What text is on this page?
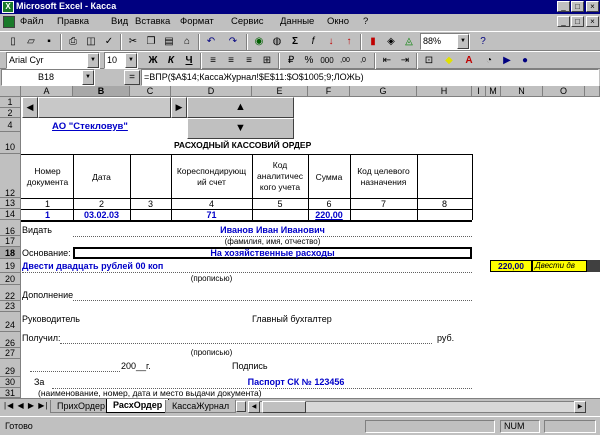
X Microsoft Excel - Касса	_	□	×
Файл Правка Вид Вставка Формат Сервис Данные Окно ?	_	□	×
▯	▱	▪	⎙ ◫ ✓	✂ ❐ ▤	⌂	↶	↷	◉ ◍	Σ	f	↓	↑	▮	◈	◬	88%	▼	?
Arial Cyr	▼	10	▼	Ж	К	Ч	≡	≡	≡	⊞	₽	% 000 ,00	,0	⇤ ⇥	⊡	◆	A	◔	▶	●
B18	▼	=	=ВПР($A$14;КассаЖурнал!$E$11:$O$1005;9;ЛОЖЬ)
A	B	C	D	E	F	G	H	I	M	N	O
1
2
4
10
12
13
14
16
17
18
19
20
22
23
24
26
27
29
30
31
◀	▶	▲
▼
АО "Стекловув"
РАСХОДНЫЙ КАССОВИЙ ОРДЕР
Номер документа	Дата
Кореспондирующ ий счет
Код аналитичес кого учета
Сумма
Код целевого назначения
1	2	3	4	5	6	7	8
1	03.02.03	71	220,00
Видать	Иванов Иван Иванович
(фамилия, имя, отчество)
Основание:	На хозяйственные расходы
Двести двадцать рублей 00 коп
(прописью)
220,00	Двести дв
Дополнение
Руководитель	Главный бухгалтер
Получил:	руб.
(прописью)
200__г.	Подпись
За	Паспорт СК № 123456
(наименование, номер, дата и место выдачи документа)
|◀ ◀ ▶ ▶| ПрихОрдер РасхОрдер	КассаЖурнал	◀	▶
Готово	NUM
